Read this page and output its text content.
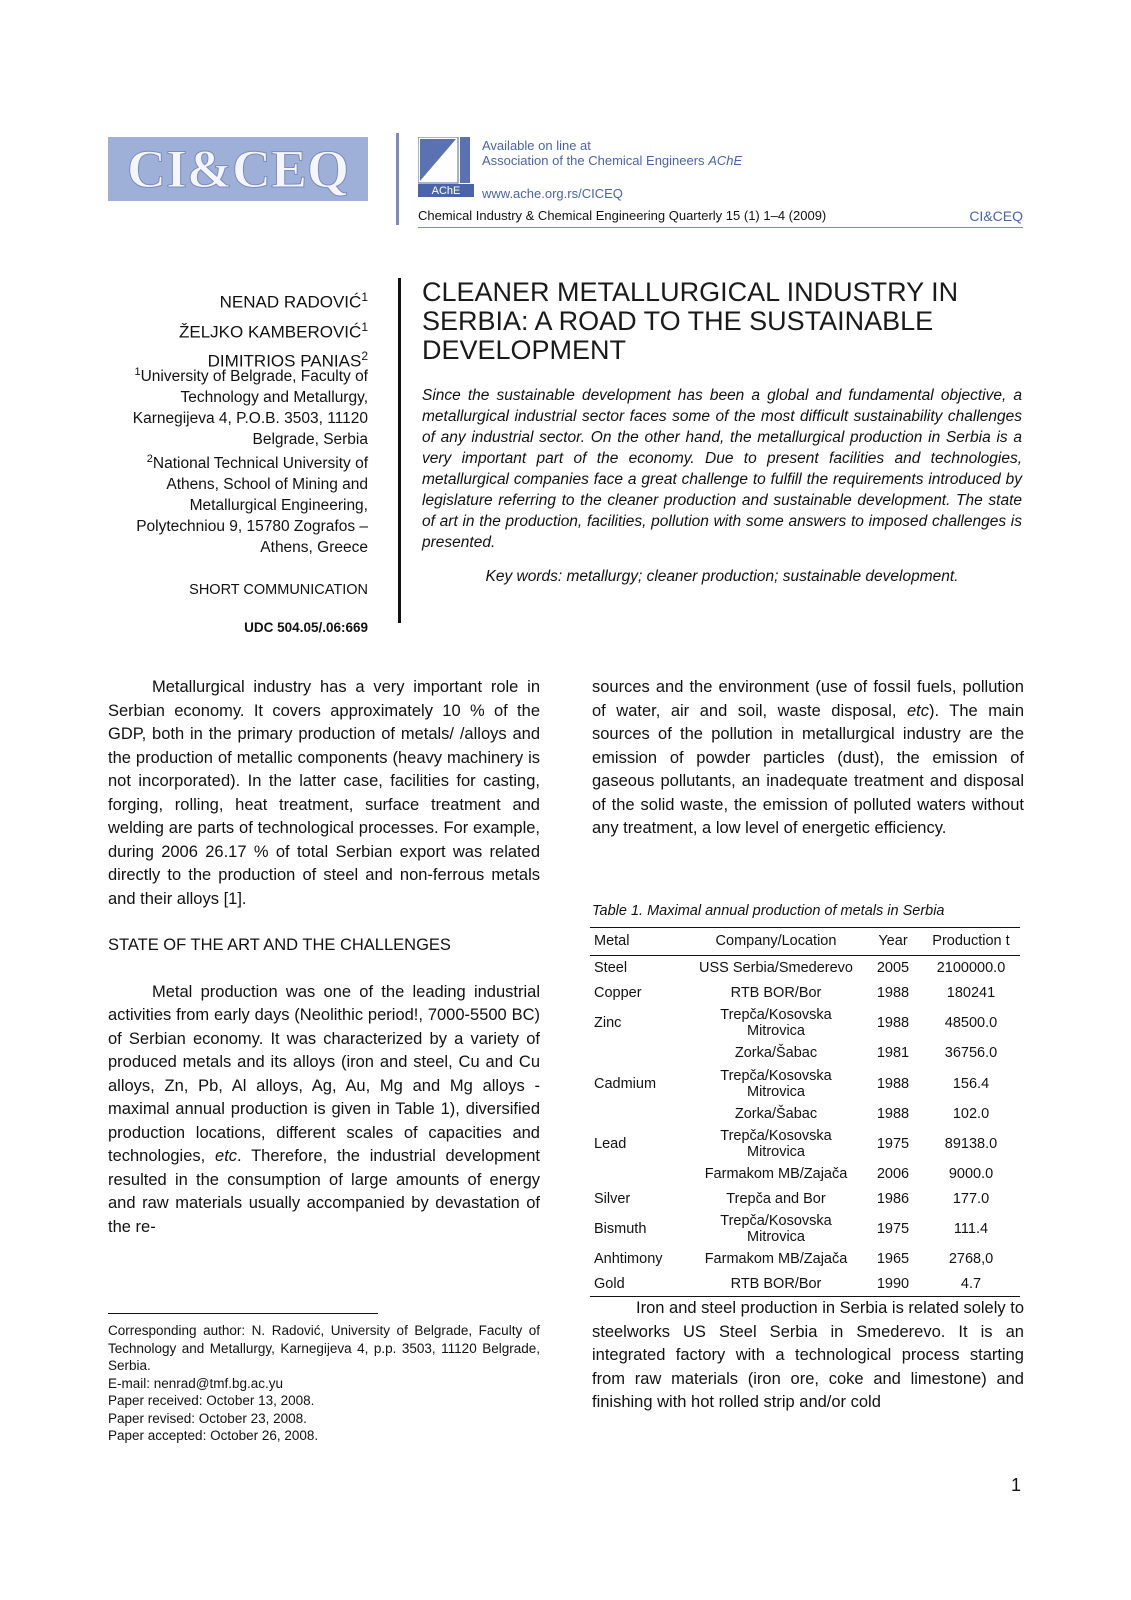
CI&CEQ	AChE
Available on line at
Association of the Chemical Engineers AChE
www.ache.org.rs/CICEQ
Chemical Industry & Chemical Engineering Quarterly 15 (1) 1–4 (2009)	CI&CEQ
NENAD RADOVIĆ$^1$
ŽELJKO KAMBEROVIĆ$^1$
DIMITRIOS PANIAS$^2$
$^1$University of Belgrade, Faculty of Technology and Metallurgy, Karnegijeva 4, P.O.B. 3503, 11120 Belgrade, Serbia
$^2$National Technical University of Athens, School of Mining and Metallurgical Engineering, Polytechniou 9, 15780 Zografos – Athens, Greece
SHORT COMMUNICATION
UDC 504.05/.06:669
CLEANER METALLURGICAL INDUSTRY IN SERBIA: A ROAD TO THE SUSTAINABLE DEVELOPMENT
Since the sustainable development has been a global and fundamental objective, a metallurgical industrial sector faces some of the most difficult sustainability challenges of any industrial sector. On the other hand, the metallurgical production in Serbia is a very important part of the economy. Due to present facilities and technologies, metallurgical companies face a great challenge to fulfill the requirements introduced by legislature referring to the cleaner production and sustainable development. The state of art in the production, facilities, pollution with some answers to imposed challenges is presented.
Key words: metallurgy; cleaner production; sustainable development.

Metallurgical industry has a very important role in Serbian economy. It covers approximately 10 % of the GDP, both in the primary production of metals/ /alloys and the production of metallic components (heavy machinery is not incorporated). In the latter case, facilities for casting, forging, rolling, heat treatment, surface treatment and welding are parts of technological processes. For example, during 2006 26.17 % of total Serbian export was related directly to the production of steel and non-ferrous metals and their alloys [1].

STATE OF THE ART AND THE CHALLENGES

Metal production was one of the leading industrial activities from early days (Neolithic period!, 7000-5500 BC) of Serbian economy. It was characterized by a variety of produced metals and its alloys (iron and steel, Cu and Cu alloys, Zn, Pb, Al alloys, Ag, Au, Mg and Mg alloys - maximal annual production is given in Table 1), diversified production locations, different scales of capacities and technologies, etc. Therefore, the industrial development resulted in the consumption of large amounts of energy and raw materials usually accompanied by devastation of the re-

Corresponding author: N. Radović, University of Belgrade, Faculty of Technology and Metallurgy, Karnegijeva 4, p.p. 3503, 11120 Belgrade, Serbia.
E-mail: nenrad@tmf.bg.ac.yu
Paper received: October 13, 2008.
Paper revised: October 23, 2008.
Paper accepted: October 26, 2008.

sources and the environment (use of fossil fuels, pollution of water, air and soil, waste disposal, etc). The main sources of the pollution in metallurgical industry are the emission of powder particles (dust), the emission of gaseous pollutants, an inadequate treatment and disposal of the solid waste, the emission of polluted waters without any treatment, a low level of energetic efficiency.

Table 1. Maximal annual production of metals in Serbia
Metal	Company/Location	Year	Production t
Steel	USS Serbia/Smederevo	2005	2100000.0
Copper	RTB BOR/Bor	1988	180241
Zinc	Trepča/Kosovska Mitrovica	1988	48500.0
	Zorka/Šabac	1981	36756.0
Cadmium	Trepča/Kosovska Mitrovica	1988	156.4
	Zorka/Šabac	1988	102.0
Lead	Trepča/Kosovska Mitrovica	1975	89138.0
	Farmakom MB/Zajača	2006	9000.0
Silver	Trepča and Bor	1986	177.0
Bismuth	Trepča/Kosovska Mitrovica	1975	111.4
Anhtimony	Farmakom MB/Zajača	1965	2768,0
Gold	RTB BOR/Bor	1990	4.7

Iron and steel production in Serbia is related solely to steelworks US Steel Serbia in Smederevo. It is an integrated factory with a technological process starting from raw materials (iron ore, coke and limestone) and finishing with hot rolled strip and/or cold

1
